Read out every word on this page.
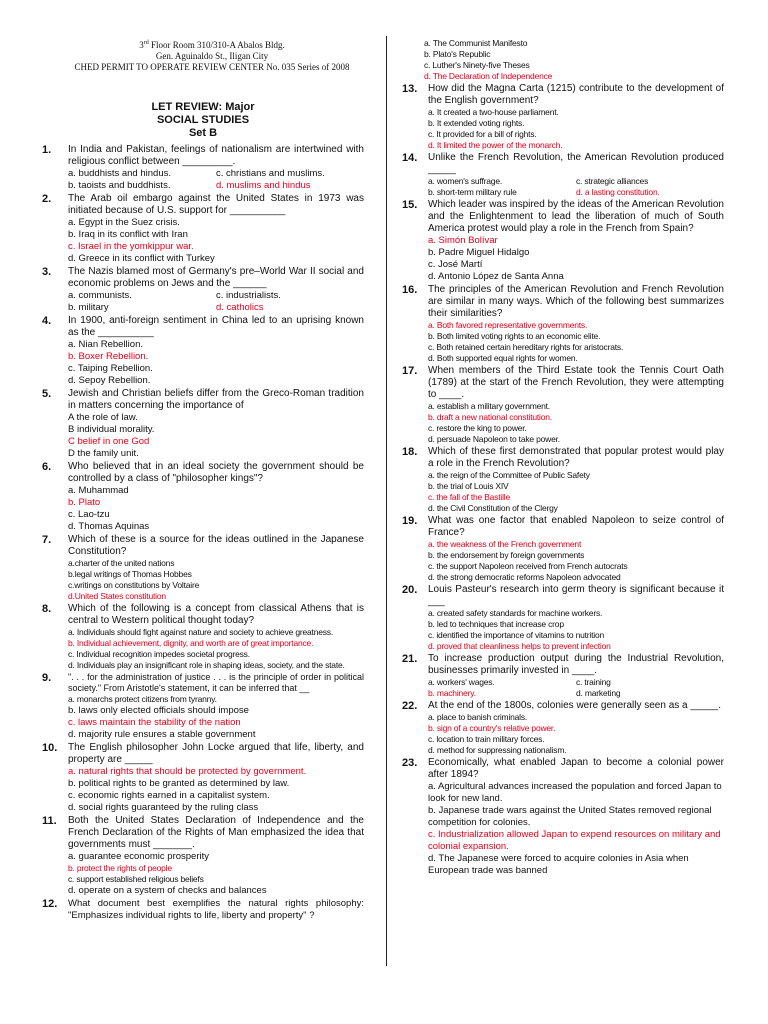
3rd Floor Room 310/310-A Abalos Bldg.
Gen. Aguinaldo St., Iligan City
CHED PERMIT TO OPERATE REVIEW CENTER No. 035 Series of 2008
LET REVIEW: Major
SOCIAL STUDIES
Set B
1. In India and Pakistan, feelings of nationalism are intertwined with religious conflict between _________.
a. buddhists and hindus.	c. christians and muslims.
b. taoists and buddhists.	d. muslims and hindus
2. The Arab oil embargo against the United States in 1973 was initiated because of U.S. support for __________
a. Egypt in the Suez crisis.
b. Iraq in its conflict with Iran
c. Israel in the yomkippur war.
d. Greece in its conflict with Turkey
3. The Nazis blamed most of Germany's pre–World War II social and economic problems on Jews and the ______
a. communists.	c. industrialists.
b. military	d. catholics
4. In 1900, anti-foreign sentiment in China led to an uprising known as the __________
a. Nian Rebellion.
b. Boxer Rebellion.
c. Taiping Rebellion.
d. Sepoy Rebellion.
5. Jewish and Christian beliefs differ from the Greco-Roman tradition in matters concerning the importance of
A the role of law.
B individual morality.
C belief in one God
D the family unit.
6. Who believed that in an ideal society the government should be controlled by a class of "philosopher kings"?
a. Muhammad
b. Plato
c. Lao-tzu
d. Thomas Aquinas
7. Which of these is a source for the ideas outlined in the Japanese Constitution?
a.charter of the united nations
b.legal writings of Thomas Hobbes
c.writings on constitutions by Voltaire
d.United States constitution
8. Which of the following is a concept from classical Athens that is central to Western political thought today?
a. Individuals should fight against nature and society to achieve greatness.
b. Individual achievement, dignity, and worth are of great importance.
c. Individual recognition impedes societal progress.
d. Individuals play an insignificant role in shaping ideas, society, and the state.
9. ". . . for the administration of justice . . . is the principle of order in political society." From Aristotle's statement, it can be inferred that __
a. monarchs protect citizens from tyranny.
b. laws only elected officials should impose
c. laws maintain the stability of the nation
d. majority rule ensures a stable government
10. The English philosopher John Locke argued that life, liberty, and property are _____
a. natural rights that should be protected by government.
b. political rights to be granted as determined by law.
c. economic rights earned in a capitalist system.
d. social rights guaranteed by the ruling class
11. Both the United States Declaration of Independence and the French Declaration of the Rights of Man emphasized the idea that governments must _______.
a. guarantee economic prosperity
b. protect the rights of people
c. support established religious beliefs
d. operate on a system of checks and balances
12. What document best exemplifies the natural rights philosophy: "Emphasizes individual rights to life, liberty and property" ?
a. The Communist Manifesto
b. Plato's Republic
c. Luther's Ninety-five Theses
d. The Declaration of Independence
13. How did the Magna Carta (1215) contribute to the development of the English government?
a. It created a two-house parliament.
b. It extended voting rights.
c. It provided for a bill of rights.
d. It limited the power of the monarch.
14. Unlike the French Revolution, the American Revolution produced _____
a. women's suffrage.	c. strategic alliances
b. short-term military rule	d. a lasting constitution.
15. Which leader was inspired by the ideas of the American Revolution and the Enlightenment to lead the liberation of much of South America protest would play a role in the French from Spain?
a. Simón Bolívar
b. Padre Miguel Hidalgo
c. José Martí
d. Antonio López de Santa Anna
16. The principles of the American Revolution and French Revolution are similar in many ways. Which of the following best summarizes their similarities?
a. Both favored representative governments.
b. Both limited voting rights to an economic elite.
c. Both retained certain hereditary rights for aristocrats.
d. Both supported equal rights for women.
17. When members of the Third Estate took the Tennis Court Oath (1789) at the start of the French Revolution, they were attempting to ____.
a. establish a military government.
b. draft a new national constitution.
c. restore the king to power.
d. persuade Napoleon to take power.
18. Which of these first demonstrated that popular protest would play a role in the French Revolution?
a. the reign of the Committee of Public Safety
b. the trial of Louis XIV
c. the fall of the Bastille
d. the Civil Constitution of the Clergy
19. What was one factor that enabled Napoleon to seize control of France?
a. the weakness of the French government
b. the endorsement by foreign governments
c. the support Napoleon received from French autocrats
d. the strong democratic reforms Napoleon advocated
20. Louis Pasteur's research into germ theory is significant because it ___
a. created safety standards for machine workers.
b. led to techniques that increase crop
c. identified the importance of vitamins to nutrition
d. proved that cleanliness helps to prevent infection
21. To increase production output during the Industrial Revolution, businesses primarily invested in ____.
a. workers' wages.	c. training
b. machinery.	d. marketing
22. At the end of the 1800s, colonies were generally seen as a _____.
a. place to banish criminals.
b. sign of a country's relative power.
c. location to train military forces.
d. method for suppressing nationalism.
23. Economically, what enabled Japan to become a colonial power after 1894?
a. Agricultural advances increased the population and forced Japan to look for new land.
b. Japanese trade wars against the United States removed regional competition for colonies.
c. Industrialization allowed Japan to expend resources on military and colonial expansion.
d. The Japanese were forced to acquire colonies in Asia when European trade was banned
